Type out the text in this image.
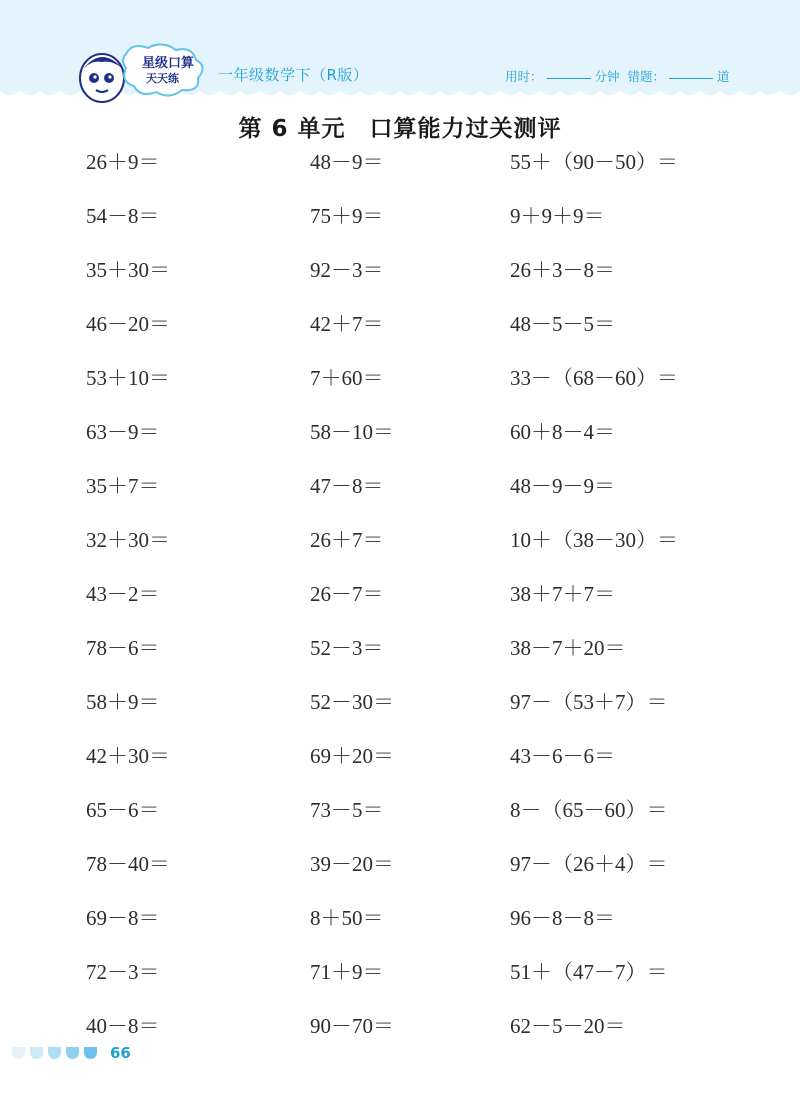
星级口算
天天练	一年级数学下（R版）	用时：	分钟 错题：	道
第 6 单元　口算能力过关测评
26＋9＝	48－9＝	55＋（90－50）＝
54－8＝	75＋9＝	9＋9＋9＝
35＋30＝	92－3＝	26＋3－8＝
46－20＝	42＋7＝	48－5－5＝
53＋10＝	7＋60＝	33－（68－60）＝
63－9＝	58－10＝	60＋8－4＝
35＋7＝	47－8＝	48－9－9＝
32＋30＝	26＋7＝	10＋（38－30）＝
43－2＝	26－7＝	38＋7＋7＝
78－6＝	52－3＝	38－7＋20＝
58＋9＝	52－30＝	97－（53＋7）＝
42＋30＝	69＋20＝	43－6－6＝
65－6＝	73－5＝	8－（65－60）＝
78－40＝	39－20＝	97－（26＋4）＝
69－8＝	8＋50＝	96－8－8＝
72－3＝	71＋9＝	51＋（47－7）＝
40－8＝	90－70＝	62－5－20＝
66
